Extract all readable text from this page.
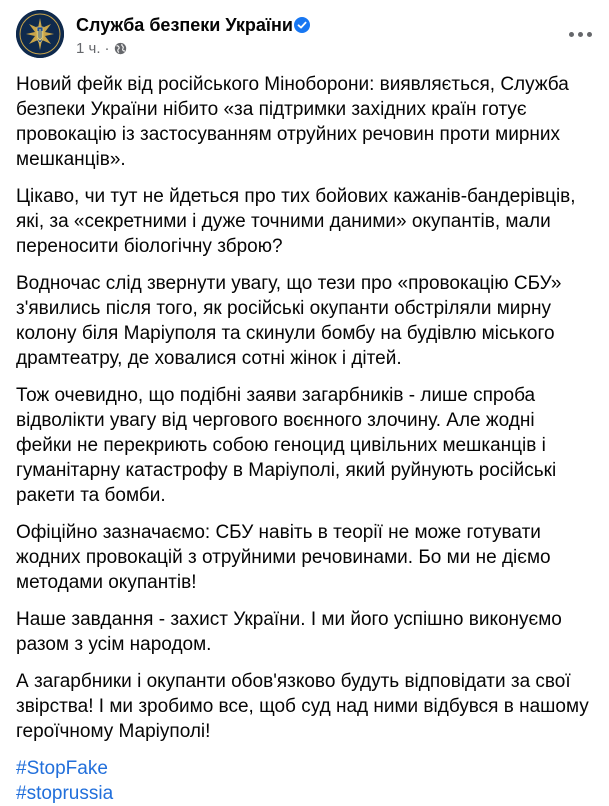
Служба безпеки України
1 ч. ·

Новий фейк від російського Міноборони: виявляється, Служба безпеки України нібито «за підтримки західних країн готує провокацію із застосуванням отруйних речовин проти мирних мешканців».

Цікаво, чи тут не йдеться про тих бойових кажанів-бандерівців, які, за «секретними і дуже точними даними» окупантів, мали переносити біологічну зброю?

Водночас слід звернути увагу, що тези про «провокацію СБУ» з'явились після того, як російські окупанти обстріляли мирну колону біля Маріуполя та скинули бомбу на будівлю міського драмтеатру, де ховалися сотні жінок і дітей.

Тож очевидно, що подібні заяви загарбників - лише спроба відволікти увагу від чергового воєнного злочину. Але жодні фейки не перекриють собою геноцид цивільних мешканців і гуманітарну катастрофу в Маріуполі, який руйнують російські ракети та бомби.

Офіційно зазначаємо: СБУ навіть в теорії не може готувати жодних провокацій з отруйними речовинами. Бо ми не діємо методами окупантів!

Наше завдання - захист України. І ми його успішно виконуємо разом з усім народом.

А загарбники і окупанти обов'язково будуть відповідати за свої звірства! І ми зробимо все, щоб суд над ними відбувся в нашому героїчному Маріуполі!

#StopFake
#stoprussia
